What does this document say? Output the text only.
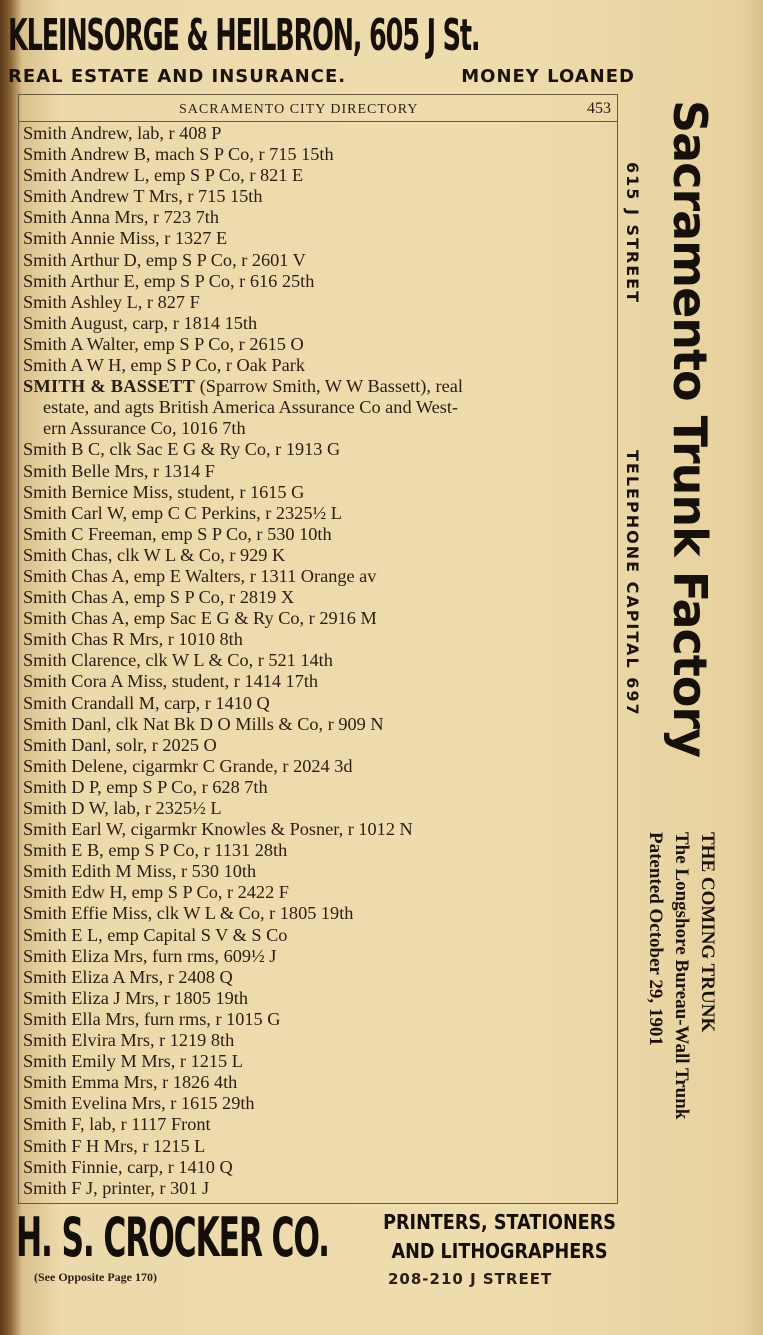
KLEINSORGE & HEILBRON, 605 J St.
REAL ESTATE AND INSURANCE.	MONEY LOANED
SACRAMENTO CITY DIRECTORY	453
Smith Andrew, lab, r 408 P
Smith Andrew B, mach S P Co, r 715 15th
Smith Andrew L, emp S P Co, r 821 E
Smith Andrew T Mrs, r 715 15th
Smith Anna Mrs, r 723 7th
Smith Annie Miss, r 1327 E
Smith Arthur D, emp S P Co, r 2601 V
Smith Arthur E, emp S P Co, r 616 25th
Smith Ashley L, r 827 F
Smith August, carp, r 1814 15th
Smith A Walter, emp S P Co, r 2615 O
Smith A W H, emp S P Co, r Oak Park
SMITH & BASSETT (Sparrow Smith, W W Bassett), real
estate, and agts British America Assurance Co and West-
ern Assurance Co, 1016 7th
Smith B C, clk Sac E G & Ry Co, r 1913 G
Smith Belle Mrs, r 1314 F
Smith Bernice Miss, student, r 1615 G
Smith Carl W, emp C C Perkins, r 2325½ L
Smith C Freeman, emp S P Co, r 530 10th
Smith Chas, clk W L & Co, r 929 K
Smith Chas A, emp E Walters, r 1311 Orange av
Smith Chas A, emp S P Co, r 2819 X
Smith Chas A, emp Sac E G & Ry Co, r 2916 M
Smith Chas R Mrs, r 1010 8th
Smith Clarence, clk W L & Co, r 521 14th
Smith Cora A Miss, student, r 1414 17th
Smith Crandall M, carp, r 1410 Q
Smith Danl, clk Nat Bk D O Mills & Co, r 909 N
Smith Danl, solr, r 2025 O
Smith Delene, cigarmkr C Grande, r 2024 3d
Smith D P, emp S P Co, r 628 7th
Smith D W, lab, r 2325½ L
Smith Earl W, cigarmkr Knowles & Posner, r 1012 N
Smith E B, emp S P Co, r 1131 28th
Smith Edith M Miss, r 530 10th
Smith Edw H, emp S P Co, r 2422 F
Smith Effie Miss, clk W L & Co, r 1805 19th
Smith E L, emp Capital S V & S Co
Smith Eliza Mrs, furn rms, 609½ J
Smith Eliza A Mrs, r 2408 Q
Smith Eliza J Mrs, r 1805 19th
Smith Ella Mrs, furn rms, r 1015 G
Smith Elvira Mrs, r 1219 8th
Smith Emily M Mrs, r 1215 L
Smith Emma Mrs, r 1826 4th
Smith Evelina Mrs, r 1615 29th
Smith F, lab, r 1117 Front
Smith F H Mrs, r 1215 L
Smith Finnie, carp, r 1410 Q
Smith F J, printer, r 301 J
615 J STREET
TELEPHONE CAPITAL 697 Sacramento Trunk Factory
THE COMING TRUNK
The Longshore Bureau-Wall Trunk
Patented October 29, 1901
H. S. CROCKER CO.	PRINTERS, STATIONERS
AND LITHOGRAPHERS
(See Opposite Page 170)	208-210 J STREET
